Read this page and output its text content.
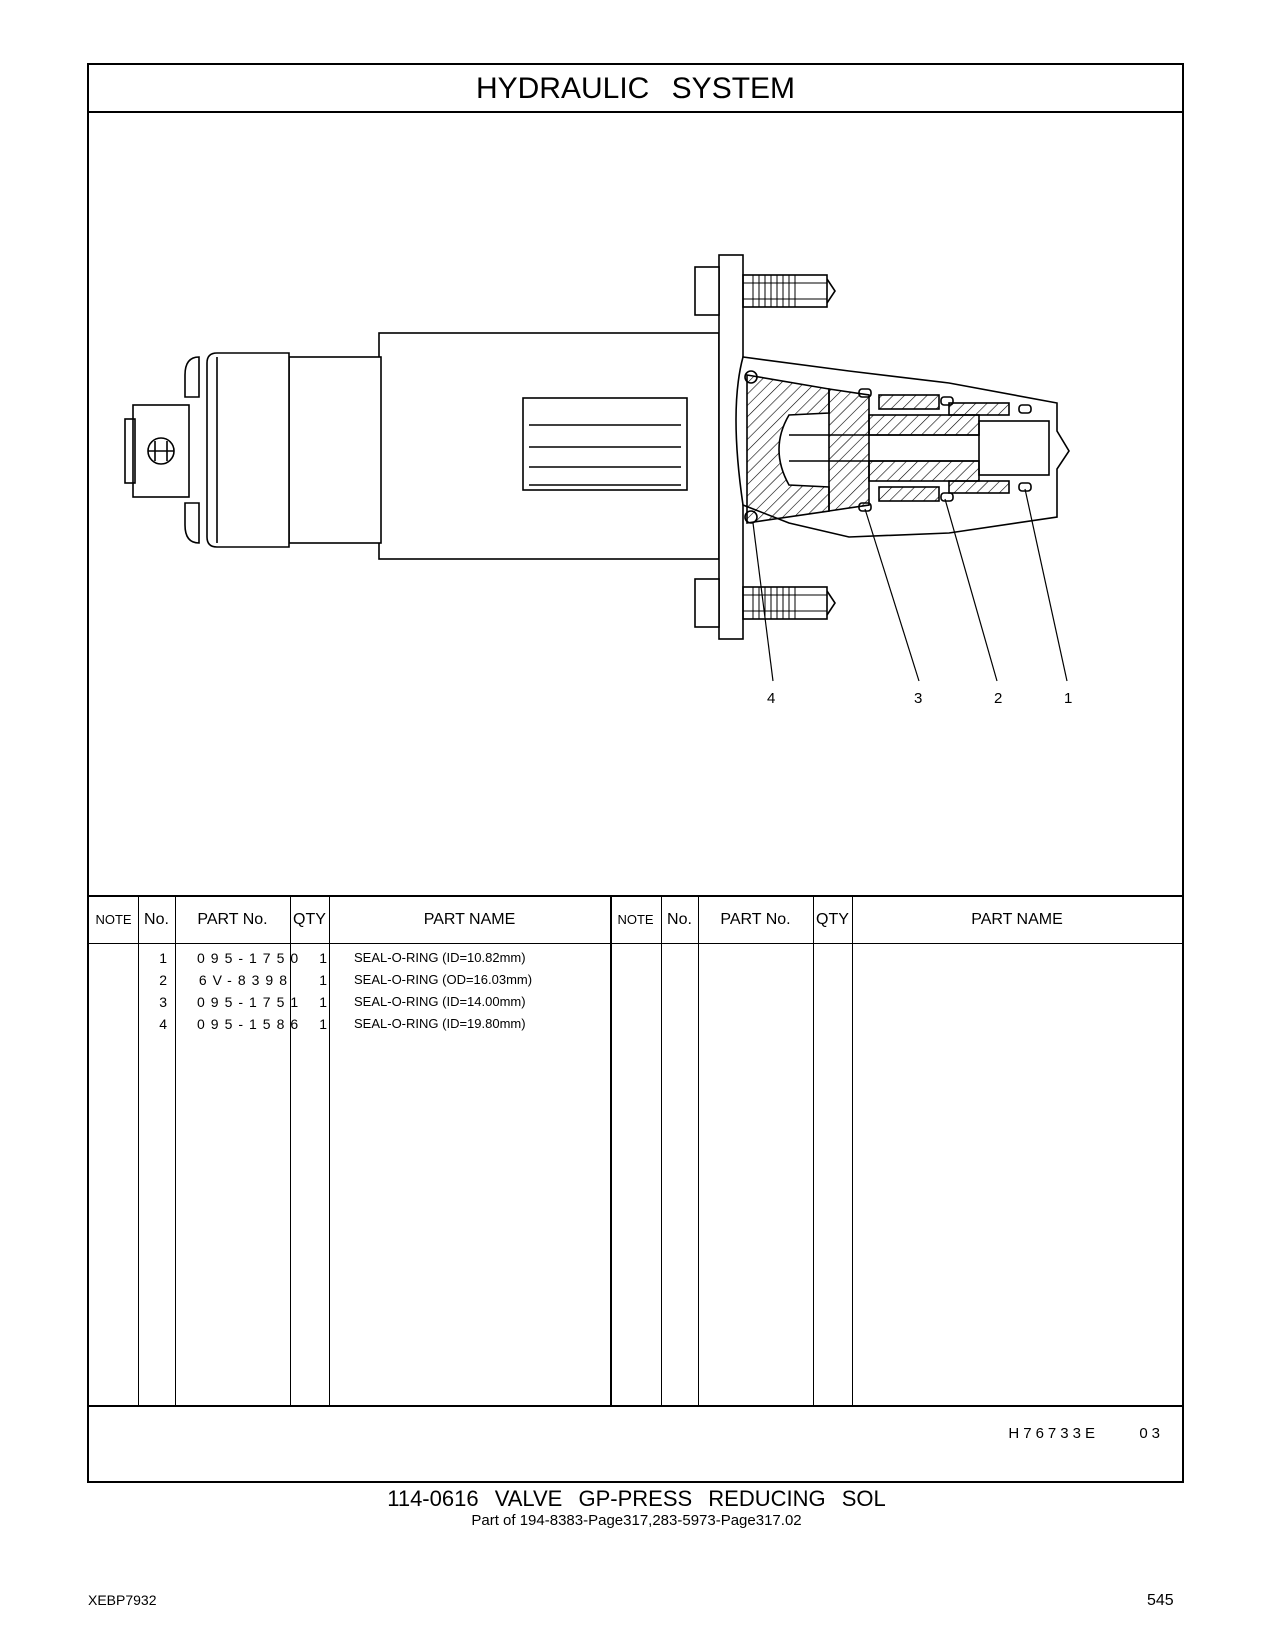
HYDRAULIC SYSTEM
4	3	2	1
NOTE No.	PART No.	QTY	PART NAME	NOTE No.	PART No.	QTY	PART NAME
1 095-1750	1 SEAL-O-RING (ID=10.82mm)
2 6V-8398	1 SEAL-O-RING (OD=16.03mm)
3 095-1751	1 SEAL-O-RING (ID=14.00mm)
4 095-1586	1 SEAL-O-RING (ID=19.80mm)
H76733E	03
114-0616 VALVE GP-PRESS REDUCING SOL
Part of 194-8383-Page317,283-5973-Page317.02
XEBP7932	545
